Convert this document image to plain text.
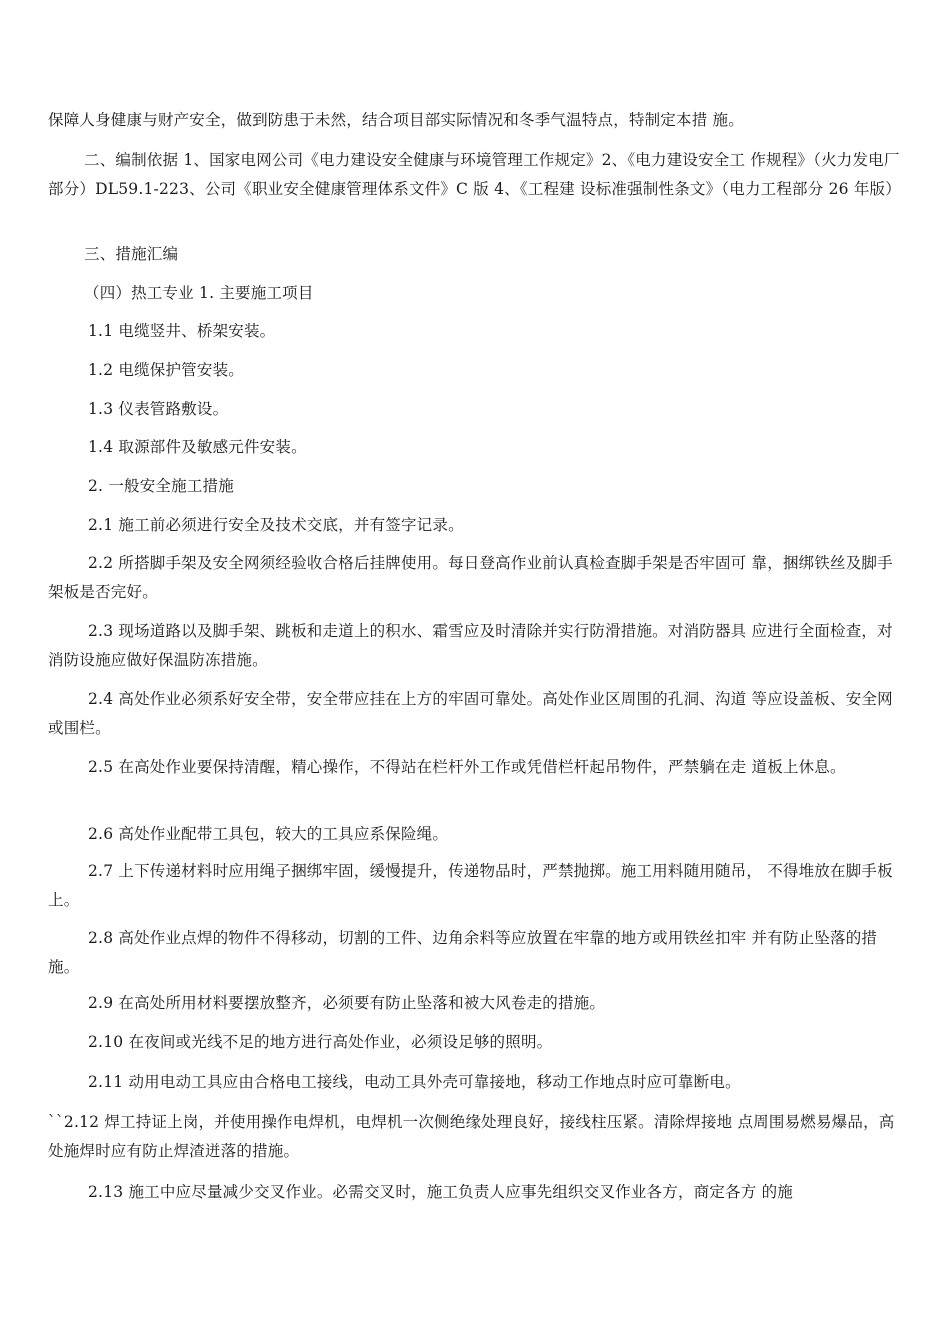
保障人身健康与财产安全，做到防患于未然，结合项目部实际情况和冬季气温特点，特制定本措 施。

二、编制依据 1、国家电网公司《电力建设安全健康与环境管理工作规定》2、《电力建设安全工 作规程》（火力发电厂部分）DL59.1-223、公司《职业安全健康管理体系文件》C 版 4、《工程建 设标准强制性条文》（电力工程部分 26 年版）

三、措施汇编

（四）热工专业 1. 主要施工项目

1.1 电缆竖井、桥架安装。

1.2 电缆保护管安装。

1.3 仪表管路敷设。

1.4 取源部件及敏感元件安装。

2. 一般安全施工措施

2.1 施工前必须进行安全及技术交底，并有签字记录。

2.2 所搭脚手架及安全网须经验收合格后挂牌使用。每日登高作业前认真检查脚手架是否牢固可 靠，捆绑铁丝及脚手架板是否完好。

2.3 现场道路以及脚手架、跳板和走道上的积水、霜雪应及时清除并实行防滑措施。对消防器具 应进行全面检查，对消防设施应做好保温防冻措施。

2.4 高处作业必须系好安全带，安全带应挂在上方的牢固可靠处。高处作业区周围的孔洞、沟道 等应设盖板、安全网或围栏。

2.5 在高处作业要保持清醒，精心操作，不得站在栏杆外工作或凭借栏杆起吊物件，严禁躺在走 道板上休息。

2.6 高处作业配带工具包，较大的工具应系保险绳。

2.7 上下传递材料时应用绳子捆绑牢固，缓慢提升，传递物品时，严禁抛掷。施工用料随用随吊， 不得堆放在脚手板上。

2.8 高处作业点焊的物件不得移动，切割的工件、边角余料等应放置在牢靠的地方或用铁丝扣牢 并有防止坠落的措施。

2.9 在高处所用材料要摆放整齐，必须要有防止坠落和被大风卷走的措施。

2.10 在夜间或光线不足的地方进行高处作业，必须设足够的照明。

2.11 动用电动工具应由合格电工接线，电动工具外壳可靠接地，移动工作地点时应可靠断电。

``2.12 焊工持证上岗，并使用操作电焊机，电焊机一次侧绝缘处理良好，接线柱压紧。清除焊接地 点周围易燃易爆品，高处施焊时应有防止焊渣迸落的措施。

2.13 施工中应尽量减少交叉作业。必需交叉时，施工负责人应事先组织交叉作业各方，商定各方 的施
